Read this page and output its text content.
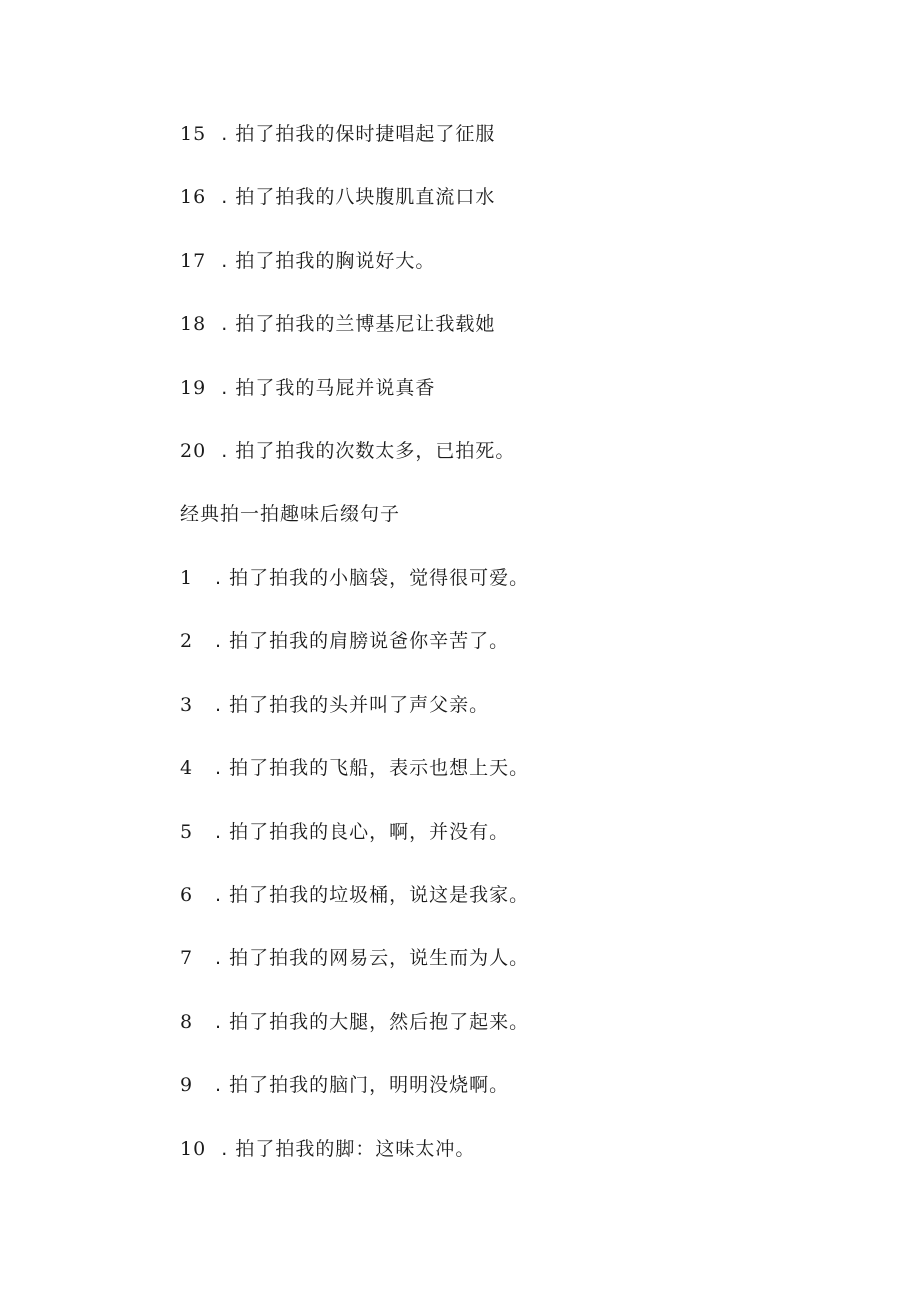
15 . 拍了拍我的保时捷唱起了征服
16 . 拍了拍我的八块腹肌直流口水
17 . 拍了拍我的胸说好大。
18 . 拍了拍我的兰博基尼让我载她
19 . 拍了我的马屁并说真香
20 . 拍了拍我的次数太多，已拍死。
经典拍一拍趣味后缀句子
1 . 拍了拍我的小脑袋，觉得很可爱。
2 . 拍了拍我的肩膀说爸你辛苦了。
3 . 拍了拍我的头并叫了声父亲。
4 . 拍了拍我的飞船，表示也想上天。
5 . 拍了拍我的良心，啊，并没有。
6 . 拍了拍我的垃圾桶，说这是我家。
7 . 拍了拍我的网易云，说生而为人。
8 . 拍了拍我的大腿，然后抱了起来。
9 . 拍了拍我的脑门，明明没烧啊。
10 . 拍了拍我的脚：这味太冲。
